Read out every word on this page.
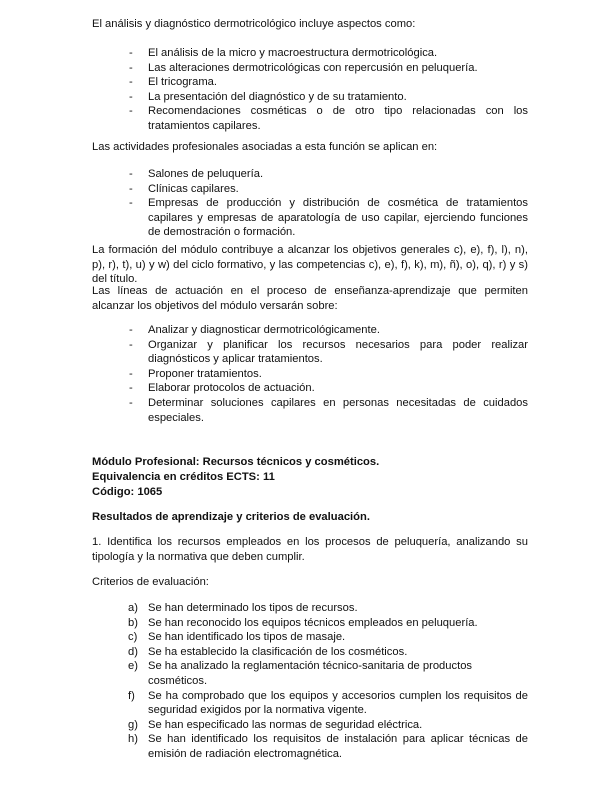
El análisis y diagnóstico dermotricológico incluye aspectos como:

- El análisis de la micro y macroestructura dermotricológica.
- Las alteraciones dermotricológicas con repercusión en peluquería.
- El tricograma.
- La presentación del diagnóstico y de su tratamiento.
- Recomendaciones cosméticas o de otro tipo relacionadas con los tratamientos capilares.

Las actividades profesionales asociadas a esta función se aplican en:

- Salones de peluquería.
- Clínicas capilares.
- Empresas de producción y distribución de cosmética de tratamientos capilares y empresas de aparatología de uso capilar, ejerciendo funciones de demostración o formación.

La formación del módulo contribuye a alcanzar los objetivos generales c), e), f), l), n), p), r), t), u) y w) del ciclo formativo, y las competencias c), e), f), k), m), ñ), o), q), r) y s) del título.

Las líneas de actuación en el proceso de enseñanza-aprendizaje que permiten alcanzar los objetivos del módulo versarán sobre:

- Analizar y diagnosticar dermotricológicamente.
- Organizar y planificar los recursos necesarios para poder realizar diagnósticos y aplicar tratamientos.
- Proponer tratamientos.
- Elaborar protocolos de actuación.
- Determinar soluciones capilares en personas necesitadas de cuidados especiales.

Módulo Profesional: Recursos técnicos y cosméticos.

Equivalencia en créditos ECTS: 11

Código: 1065

Resultados de aprendizaje y criterios de evaluación.

1. Identifica los recursos empleados en los procesos de peluquería, analizando su tipología y la normativa que deben cumplir.

Criterios de evaluación:

a) Se han determinado los tipos de recursos.
b) Se han reconocido los equipos técnicos empleados en peluquería.
c) Se han identificado los tipos de masaje.
d) Se ha establecido la clasificación de los cosméticos.
e) Se ha analizado la reglamentación técnico-sanitaria de productos cosméticos.
f) Se ha comprobado que los equipos y accesorios cumplen los requisitos de seguridad exigidos por la normativa vigente.
g) Se han especificado las normas de seguridad eléctrica.
h) Se han identificado los requisitos de instalación para aplicar técnicas de emisión de radiación electromagnética.
